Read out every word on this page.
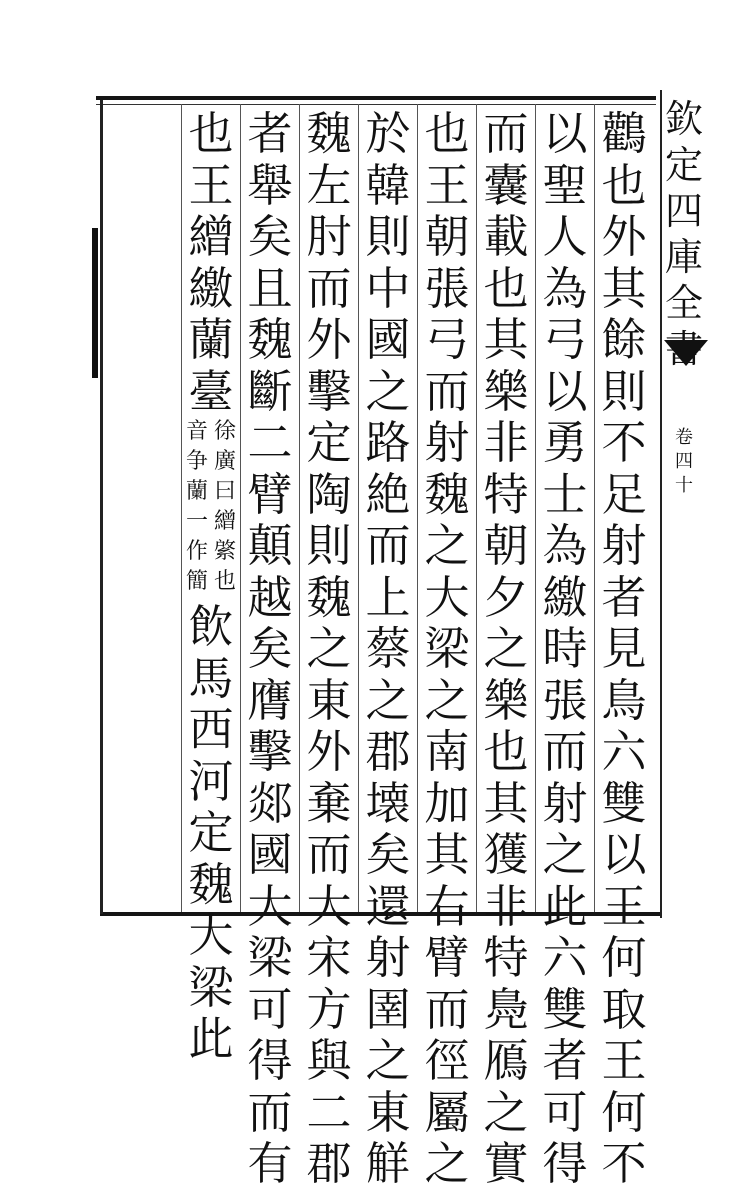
欽
定
四
庫
全
書
卷
四
十
鸛
也
外
其
餘
則
不
足
射
者
見
鳥
六
雙
以
王
何
取
王
何
不
以
聖
人
為
弓
以
勇
士
為
繳
時
張
而
射
之
此
六
雙
者
可
得
而
囊
載
也
其
樂
非
特
朝
夕
之
樂
也
其
獲
非
特
鳧
鴈
之
實
也
王
朝
張
弓
而
射
魏
之
大
梁
之
南
加
其
右
臂
而
徑
屬
之
於
韓
則
中
國
之
路
絶
而
上
蔡
之
郡
壊
矣
還
射
圉
之
東
觧
魏
左
肘
而
外
擊
定
陶
則
魏
之
東
外
棄
而
大
宋
方
與
二
郡
者
舉
矣
且
魏
斷
二
臂
顛
越
矣
膺
擊
郯
國
大
梁
可
得
而
有
也
王
繒
繳
蘭
臺
徐
廣
曰
繒
綮
也
音
争
蘭
一
作
簡
飲
馬
西
河
定
魏
大
梁
此
